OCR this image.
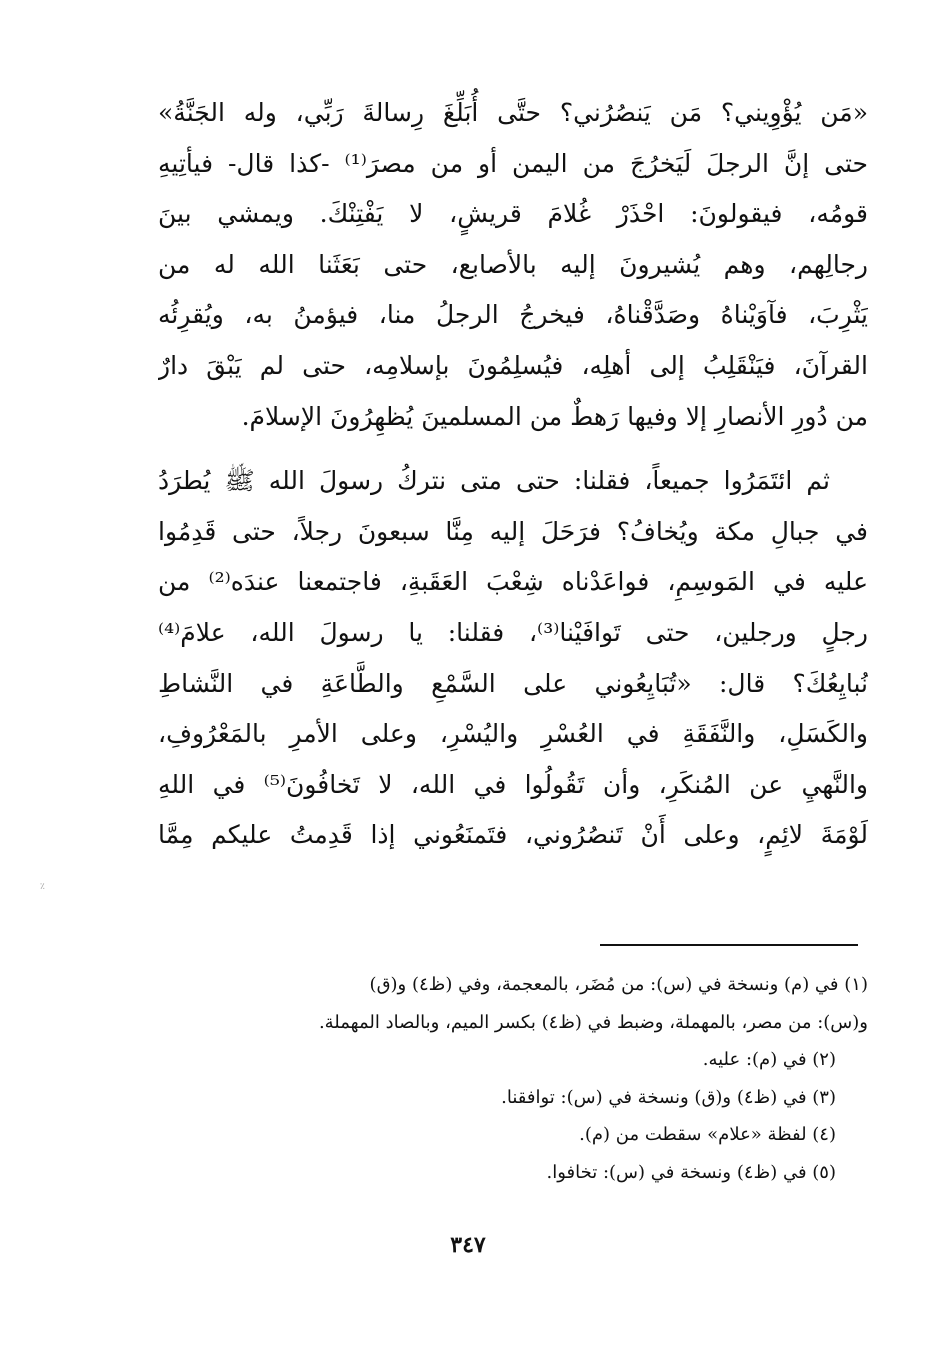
«مَن يُؤْوِيني؟ مَن يَنصُرُني؟ حتَّى أُبَلِّغَ رِسالةَ رَبِّي، وله الجَنَّةُ»
حتى إنَّ الرجلَ لَيَخرُجَ من اليمن أو من مصرَ⁽¹⁾ -كذا قال- فيأتِيهِ
قومُه، فيقولونَ: احْذَرْ غُلامَ قريشٍ، لا يَفْتِنْكَ. ويمشي بينَ
رجالِهم، وهم يُشيرونَ إليه بالأصابع، حتى بَعَثَنا الله له من
يَثْرِبَ، فآوَيْناهُ وصَدَّقْناهُ، فيخرجُ الرجلُ منا، فيؤمنُ به، ويُقرِئُه
القرآنَ، فيَنْقَلِبُ إلى أهلِه، فيُسلِمُونَ بإسلامِه، حتى لم يَبْقَ دارٌ
من دُورِ الأنصارِ إلا وفيها رَهطٌ من المسلمينَ يُظهِرُونَ الإسلامَ.
ثم ائتَمَرُوا جميعاً، فقلنا: حتى متى نتركُ رسولَ الله ﷺ يُطرَدُ
في جبالِ مكة ويُخافُ؟ فرَحَلَ إليه مِنَّا سبعونَ رجلاً، حتى قَدِمُوا
عليه في المَوسِمِ، فواعَدْناه شِعْبَ العَقَبةِ، فاجتمعنا عندَه⁽²⁾ من
رجلٍ ورجلين، حتى تَوافَيْنا⁽³⁾، فقلنا: يا رسولَ الله، علامَ⁽⁴⁾
نُبايِعُكَ؟ قال: «تُبَايِعُوني على السَّمْعِ والطَّاعَةِ في النَّشاطِ
والكَسَلِ، والنَّفَقَةِ في العُسْرِ واليُسْرِ، وعلى الأمرِ بالمَعْرُوفِ،
والنَّهيِ عن المُنكَرِ، وأن تَقُولُوا في الله، لا تَخافُونَ⁽⁵⁾ في اللهِ
لَوْمَةَ لائِمٍ، وعلى أَنْ تَنصُرُوني، فتَمنَعُوني إذا قَدِمتُ عليكم مِمَّا
(١) في (م) ونسخة في (س): من مُضَر، بالمعجمة، وفي (ظ٤) و(ق)
و(س): من مصر، بالمهملة، وضبط في (ظ٤) بكسر الميم، وبالصاد المهملة.
(٢) في (م): عليه.
(٣) في (ظ٤) و(ق) ونسخة في (س): توافقنا.
(٤) لفظة «علام» سقطت من (م).
(٥) في (ظ٤) ونسخة في (س): تخافوا.
٣٤٧
٪
